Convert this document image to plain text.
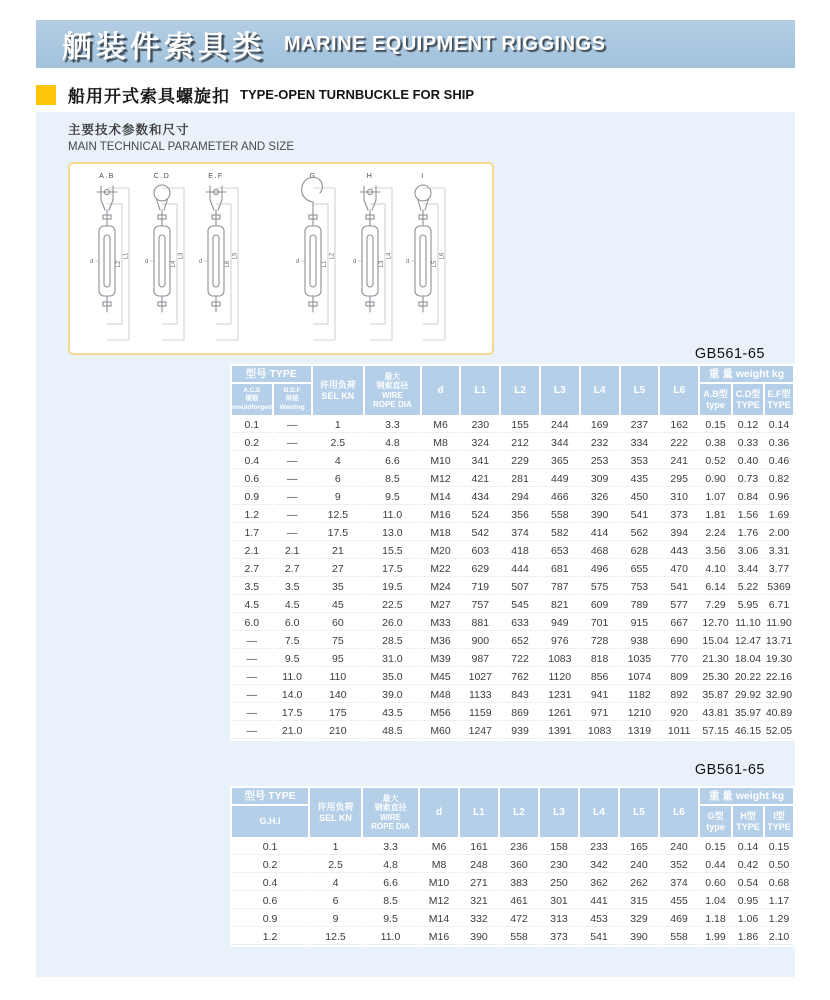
舾装件索具类 MARINE EQUIPMENT RIGGINGS
船用开式索具螺旋扣 TYPE-OPEN TURNBUCKLE FOR SHIP
主要技术参数和尺寸
MAIN TECHNICAL PARAMETER AND SIZE
A.B
d	L2
L1
C.D
d	L4
L3
E.F
d	L6
L5
G
d	L1
L2
H
d	L3
L4
I
d	L5
L6
GB561-65
型号 TYPE		许用负荷
SEL KN	最大
钢索直径
WIRE
ROPE DIA	d	L1	L2	L3	L4	L5	L6	重 量 weight kg		
A.C.E
模锻
mouldforged	B.D.F
焊接
Welding										A.B型
type	C.D型
TYPE	E.F型
TYPE
0.1	—	1	3.3	M6	230	155	244	169	237	162	0.15	0.12	0.14
0.2	—	2.5	4.8	M8	324	212	344	232	334	222	0.38	0.33	0.36
0.4	—	4	6.6	M10	341	229	365	253	353	241	0.52	0.40	0.46
0.6	—	6	8.5	M12	421	281	449	309	435	295	0.90	0.73	0.82
0.9	—	9	9.5	M14	434	294	466	326	450	310	1.07	0.84	0.96
1.2	—	12.5	11.0	M16	524	356	558	390	541	373	1.81	1.56	1.69
1.7	—	17.5	13.0	M18	542	374	582	414	562	394	2.24	1.76	2.00
2.1	2.1	21	15.5	M20	603	418	653	468	628	443	3.56	3.06	3.31
2.7	2.7	27	17.5	M22	629	444	681	496	655	470	4.10	3.44	3.77
3.5	3.5	35	19.5	M24	719	507	787	575	753	541	6.14	5.22	5369
4.5	4.5	45	22.5	M27	757	545	821	609	789	577	7.29	5.95	6.71
6.0	6.0	60	26.0	M33	881	633	949	701	915	667	12.70	11.10	11.90
—	7.5	75	28.5	M36	900	652	976	728	938	690	15.04	12.47	13.71
—	9.5	95	31.0	M39	987	722	1083	818	1035	770	21.30	18.04	19.30
—	11.0	110	35.0	M45	1027	762	1120	856	1074	809	25.30	20.22	22.16
—	14.0	140	39.0	M48	1133	843	1231	941	1182	892	35.87	29.92	32.90
—	17.5	175	43.5	M56	1159	869	1261	971	1210	920	43.81	35.97	40.89
—	21.0	210	48.5	M60	1247	939	1391	1083	1319	1011	57.15	46.15	52.05
GB561-65
型号 TYPE	许用负荷
SEL KN	最大
钢索直径
WIRE
ROPE DIA	d	L1	L2	L3	L4	L5	L6	重 量 weight kg		
G.H.I										G型
type	H型
TYPE	I型
TYPE
0.1	1	3.3	M6	161	236	158	233	165	240	0.15	0.14	0.15
0.2	2.5	4.8	M8	248	360	230	342	240	352	0.44	0.42	0.50
0.4	4	6.6	M10	271	383	250	362	262	374	0.60	0.54	0.68
0.6	6	8.5	M12	321	461	301	441	315	455	1.04	0.95	1.17
0.9	9	9.5	M14	332	472	313	453	329	469	1.18	1.06	1.29
1.2	12.5	11.0	M16	390	558	373	541	390	558	1.99	1.86	2.10
